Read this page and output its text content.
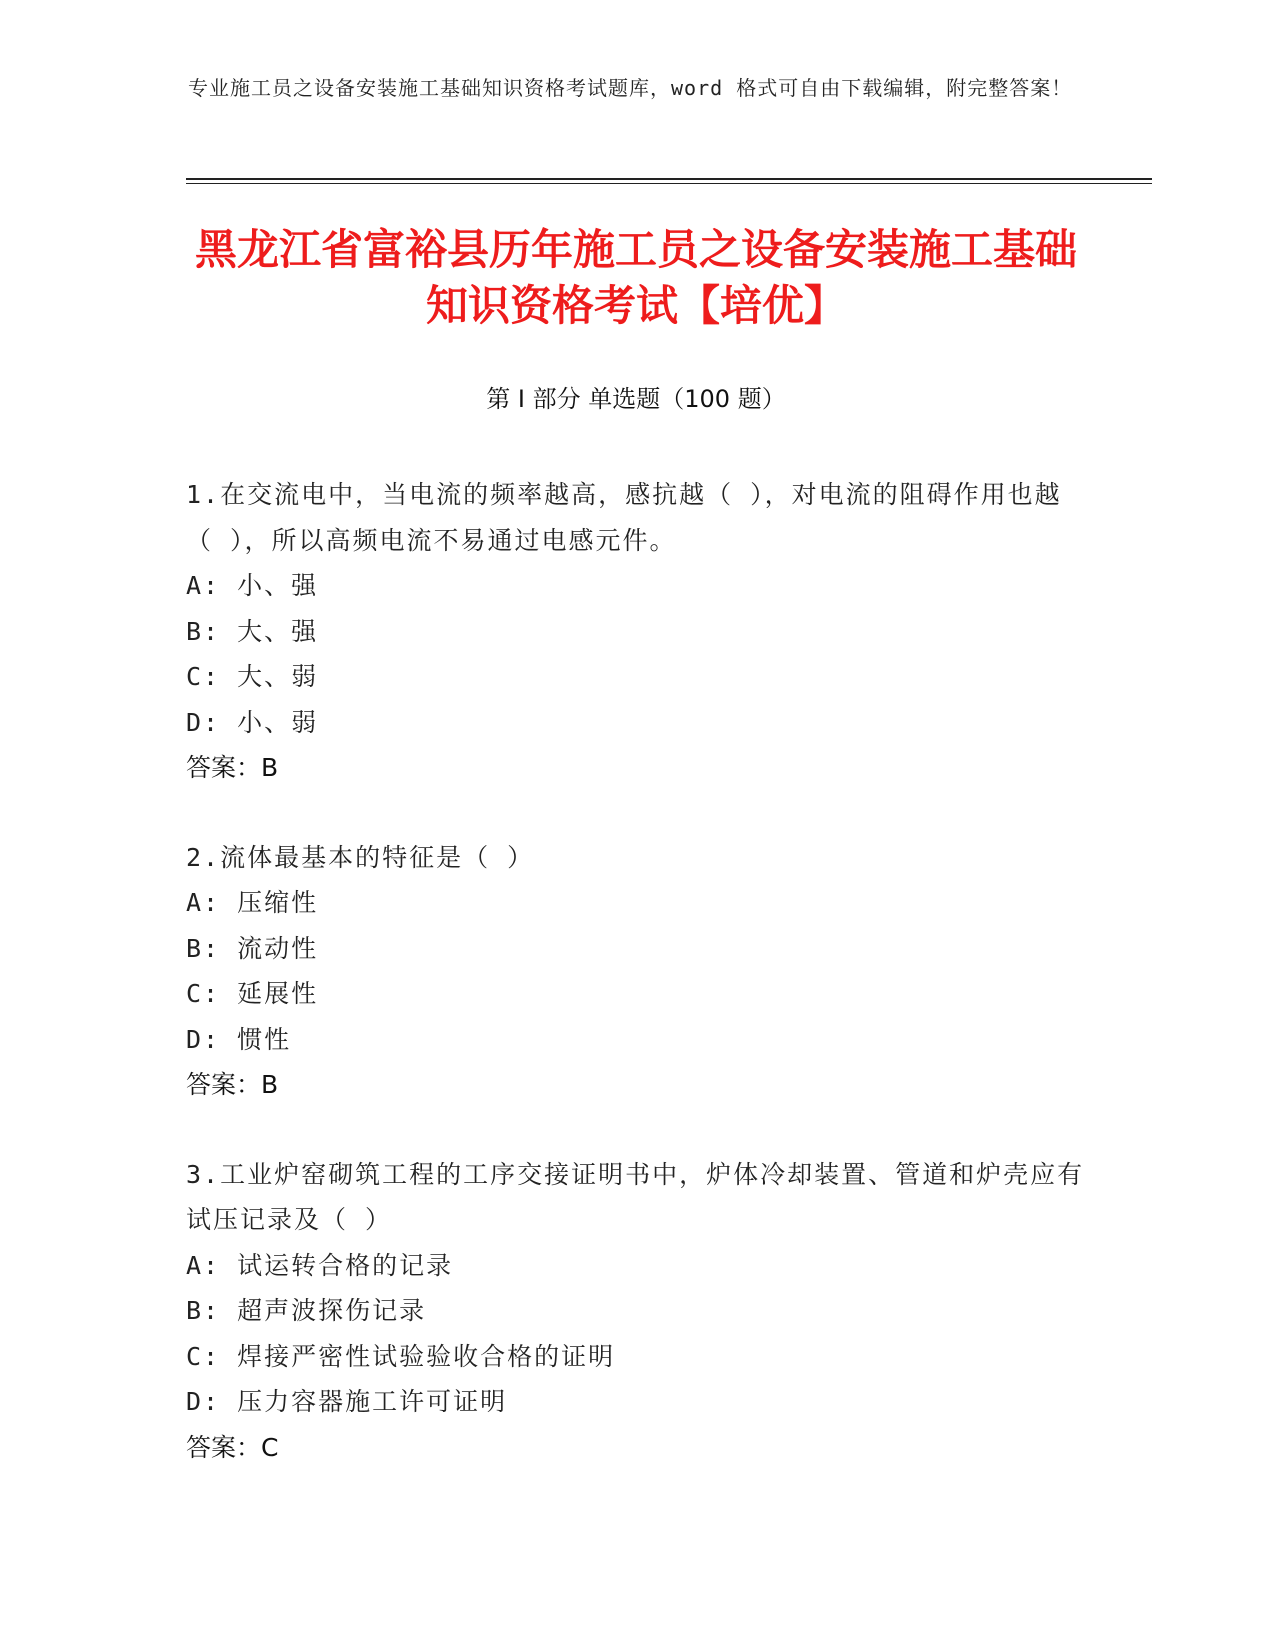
专业施工员之设备安装施工基础知识资格考试题库，word 格式可自由下载编辑，附完整答案！
黑龙江省富裕县历年施工员之设备安装施工基础知识资格考试【培优】
第 I 部分 单选题（100 题）
1.在交流电中，当电流的频率越高，感抗越（ ），对电流的阻碍作用也越（ ），所以高频电流不易通过电感元件。
A: 小、强
B: 大、强
C: 大、弱
D: 小、弱
答案：B
2.流体最基本的特征是（ ）
A: 压缩性
B: 流动性
C: 延展性
D: 惯性
答案：B
3.工业炉窑砌筑工程的工序交接证明书中，炉体冷却装置、管道和炉壳应有试压记录及（ ）
A: 试运转合格的记录
B: 超声波探伤记录
C: 焊接严密性试验验收合格的证明
D: 压力容器施工许可证明
答案：C
